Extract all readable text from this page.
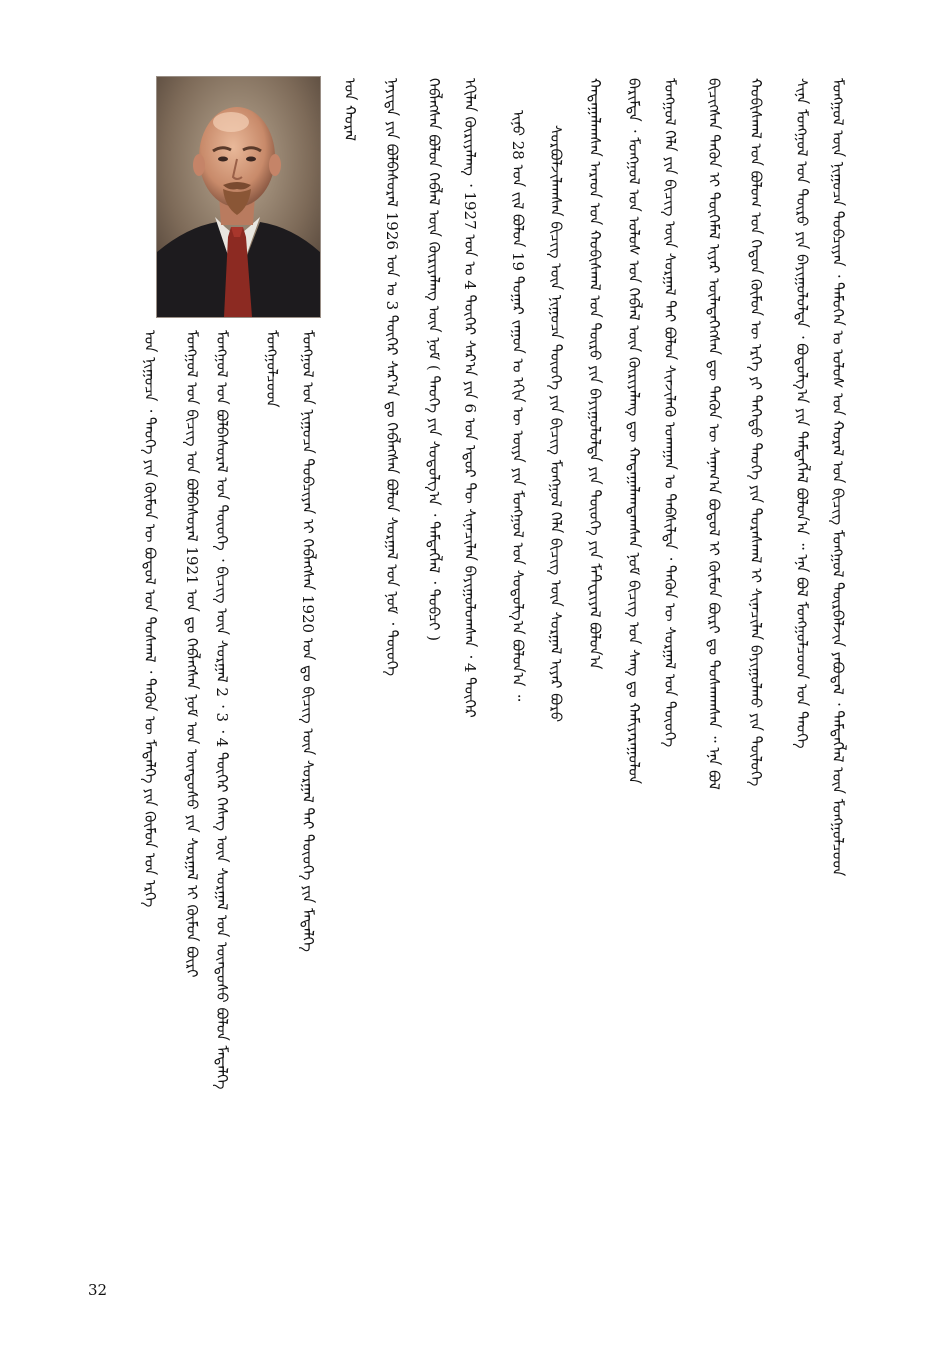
ᠮᠣᠩᠭᠣᠯ ᠦᠨ ᠨᠢᠭᠤᠴᠠ ᠲᠣᠪᠴᠢᠶᠠᠨ ᠂ ᠲᠡᠮᠦᠭᠡᠨ ᠤ ᠤᠯᠤᠰ ᠤᠨ ᠬᠤᠷᠠᠯ ᠤᠨ ᠪᠢᠴᠢᠭ ᠮᠣᠩᠭᠣᠯ ᠳᠦᠷᠪᠡᠯᠵᠢᠨ ᠶᠠᠪᠤᠳᠠᠯ ᠂ ᠲᠡᠮᠳᠡᠭᠯᠡᠯ ᠦᠨ ᠮᠣᠩᠭᠣᠯᠴᠤᠳ
ᠰᠢᠨᠡ ᠮᠣᠩᠭᠣᠯ ᠤᠨ ᠲᠥᠷᠦ ᠶᠢᠨ ᠪᠠᠶᠢᠭᠤᠯᠤᠯᠲᠠ ᠂ ᠪᠣᠳᠣᠯᠭ᠎ᠠ ᠶᠢᠨ ᠲᠡᠮᠳᠡᠭᠯᠡᠯ ᠪᠣᠯᠤᠨ᠎ᠠ ᠃ ᠡᠨᠡ ᠪᠣᠯ ᠮᠣᠩᠭᠣᠯᠴᠤᠳ ᠤᠨ ᠲᠡᠦᠬᠡ
ᠬᠤᠪᠢᠰᠬᠠᠯ ᠤᠨ ᠪᠤᠯᠤᠭ ᠤᠨ ᠬᠡᠳᠦᠨ ᠬᠦᠮᠦᠨ ᠦ ᠡᠷᠬᠡ ᠶᠢ ᠳᠡᠭᠡᠳᠦ ᠲᠡᠦᠬᠡ ᠶᠢᠨ ᠳᠤᠷᠠᠰᠬᠠᠯ ᠢ ᠰᠢᠨᠡᠴᠢᠯᠡᠨ ᠪᠠᠶᠢᠭᠤᠯᠬᠤ ᠶᠢᠨ ᠲᠥᠯᠥᠭᠡ
ᠪᠢᠴᠢᠭᠰᠡᠨ ᠲᠡᠭᠦᠨ ᠢ ᠲᠦᠭᠡᠮᠡᠯ ᠢᠶᠡᠷ ᠦᠯᠡᠳᠡᠭᠡᠭᠰᠡᠨ ᠳᠦ ᠲᠡᠭᠦᠨ ᠦ ᠰᠠᠨᠠᠭ᠎ᠠ ᠪᠣᠳᠣᠯ ᠢ ᠬᠦᠮᠦᠨ ᠪᠦᠷᠢ ᠳᠤ ᠲᠤᠰᠬᠠᠭᠰᠠᠨ ᠃ ᠡᠨᠡ ᠪᠣᠯ
ᠮᠣᠩᠭᠣᠯ ᠬᠡᠯᠡ ᠶᠢᠨ ᠪᠢᠴᠢᠭ ᠦᠨ ᠰᠤᠷᠭᠠᠯ ᠲᠠᠢ ᠪᠣᠯᠤᠨ ᠰᠢᠨᠵᠢᠯᠡᠬᠦ ᠤᠬᠠᠭᠠᠨ ᠤ ᠳᠡᠪᠰᠢᠯᠲᠡ ᠂ ᠲᠡᠭᠦᠨ ᠦ ᠰᠤᠷᠭᠠᠯ ᠤᠨ ᠲᠦᠦᠬᠡ
ᠪᠠᠷᠢᠮᠲᠠ ᠂ ᠮᠣᠩᠭᠣᠯ ᠤᠨ ᠤᠯᠤᠰ ᠤᠨ ᠬᠡᠪᠯᠡᠯ ᠦᠨ ᠬᠦᠷᠢᠶᠡᠯᠡᠩ ᠳᠦ ᠬᠠᠳᠠᠭᠠᠯᠠᠭᠳᠠᠭᠰᠠᠨ ᠨᠤᠮ ᠪᠢᠴᠢᠭ ᠤᠨ ᠰᠠᠩ ᠳᠤ ᠬᠠᠮᠢᠶᠠᠷᠠᠭᠤᠯᠤᠨ
ᠬᠠᠳᠠᠭᠠᠯᠠᠭᠰᠠᠨ ᠠᠷᠠᠳ ᠤᠨ ᠬᠤᠪᠢᠰᠬᠠᠯ ᠤᠨ ᠲᠦᠷᠦ ᠶᠢᠨ ᠪᠠᠶᠢᠭᠤᠯᠤᠯᠲᠠ ᠶᠢᠨ ᠲᠦᠦᠬᠡ ᠶᠢᠨ ᠮᠠᠲ᠋ᠧᠷᠢᠶᠠᠯ ᠪᠣᠯᠤᠨ᠎ᠠ
ᠰᠤᠷᠪᠤᠯᠵᠢᠯᠠᠭᠰᠠᠨ ᠪᠢᠴᠢᠭ ᠦᠨ ᠨᠢᠭᠤᠴᠠ ᠲᠦᠦᠬᠡ ᠶᠢᠨ ᠪᠢᠴᠢᠭ ᠮᠣᠩᠭᠣᠯ ᠬᠡᠯᠡ ᠪᠢᠴᠢᠭ ᠦᠨ ᠰᠤᠷᠭᠠᠯ ᠢᠶᠠᠷ ᠪᠤᠷᠤ
ᠢᠨᠤ 28 ᠤᠨ ᠵᠢᠯ ᠪᠣᠯᠣᠨ 19 ᠳᠤᠭᠠᠷ ᠵᠠᠭᠤᠨ ᠤ ᠡᠬᠢᠨ ᠦ ᠦᠶᠡ ᠶᠢᠨ ᠮᠣᠩᠭᠣᠯ ᠤᠨ ᠰᠤᠳᠤᠯᠭ᠎ᠠ ᠪᠣᠯᠤᠨ᠎ᠠ ᠃
ᠡᠬᠢᠯᠡᠨ ᠬᠦᠷᠢᠶᠡᠯᠡᠩ ᠂ 1927 ᠣᠨ ᠤ 4 ᠳᠦᠭᠡᠷ ᠰᠠᠷ᠎ᠠ ᠶᠢᠨ 6 ᠤᠨ ᠡᠳᠦᠷ ᠲᠦ ᠰᠢᠨᠡᠴᠢᠯᠡᠨ ᠪᠠᠶᠢᠭᠤᠯᠤᠭᠰᠠᠨ ᠂ 4 ᠳᠦᠭᠡᠷ
ᠬᠡᠪᠯᠡᠭᠰᠡᠨ ᠪᠣᠯᠤᠨ ᠬᠡᠪᠯᠡᠯ ᠦᠨ ᠬᠦᠷᠢᠶᠡᠯᠡᠩ ᠦᠨ ᠨᠣᠮ ( ᠲᠡᠦᠬᠡ ᠶᠢᠨ ᠰᠤᠳᠤᠯᠭ᠎ᠠ ᠂ ᠲᠡᠮᠳᠡᠭᠯᠡᠯ ᠂ ᠲᠣᠪᠴᠢ )
ᠨᠡᠶᠢᠲᠡ ᠶᠢᠨ ᠪᠣᠯᠪᠠᠰᠤᠷᠠᠯ 1926 ᠣᠨ ᠤ 3 ᠳᠦᠭᠡᠷ ᠰᠠᠷ᠎ᠠ ᠳᠤ ᠬᠡᠪᠯᠡᠭᠰᠡᠨ ᠪᠣᠯᠤᠨ ᠰᠤᠷᠭᠠᠯ ᠤᠨ ᠨᠣᠮ ᠂ ᠲᠦᠦᠬᠡ
ᠤᠨ ᠬᠤᠷᠠᠯ
ᠮᠣᠩᠭᠣᠯᠴᠤᠳ
ᠮᠣᠩᠭᠣᠯ ᠤᠨ ᠪᠢᠴᠢᠭ ᠤᠨ ᠪᠣᠯᠪᠠᠰᠤᠷᠠᠯ 1921 ᠣᠨ ᠳᠤ ᠬᠡᠪᠯᠡᠭᠰᠡᠨ ᠨᠣᠮ ᠤᠨ ᠦᠨᠳᠦᠰᠦ ᠶᠢᠨ ᠰᠤᠷᠭᠠᠯ ᠢ ᠬᠦᠮᠦᠨ ᠪᠦᠷᠢ
ᠤᠨ ᠨᠢᠭᠤᠴᠠ ᠂ ᠲᠡᠦᠬᠡ ᠶᠢᠨ ᠬᠦᠮᠦᠨ ᠦ ᠪᠣᠳᠣᠯ ᠤᠨ ᠲᠤᠰᠬᠠᠯ ᠂ ᠲᠡᠭᠦᠨ ᠦ ᠮᠡᠳᠡᠯᠭᠡ ᠶᠢᠨ ᠬᠦᠮᠦᠨ ᠤᠨ ᠡᠷᠬᠡ	ᠮᠣᠩᠭᠣᠯ ᠤᠨ ᠪᠣᠯᠪᠠᠰᠤᠷᠠᠯ ᠤᠨ ᠲᠦᠦᠬᠡ ᠂ ᠪᠢᠴᠢᠭ ᠦᠨ ᠰᠤᠷᠭᠠᠯ 2 ᠂ 3 ᠂ 4 ᠳᠦᠭᠡᠷ ᠬᠡᠰᠡᠭ ᠦᠨ ᠰᠤᠷᠭᠠᠯ ᠤᠨ ᠦᠨᠳᠦᠰᠦ ᠪᠣᠯᠤᠨ ᠮᠡᠳᠡᠯᠭᠡ	ᠮᠣᠩᠭᠣᠯ ᠤᠨ ᠨᠢᠭᠤᠴᠠ ᠲᠣᠪᠴᠢᠶᠠᠨ ᠢ ᠬᠡᠪᠯᠡᠭᠰᠡᠨ 1920 ᠣᠨ ᠳᠤ ᠪᠢᠴᠢᠭ ᠦᠨ ᠰᠤᠷᠭᠠᠯ ᠲᠠᠶ ᠲᠦᠦᠬᠡ ᠶᠢᠨ ᠮᠡᠳᠡᠯᠭᠡ
32
